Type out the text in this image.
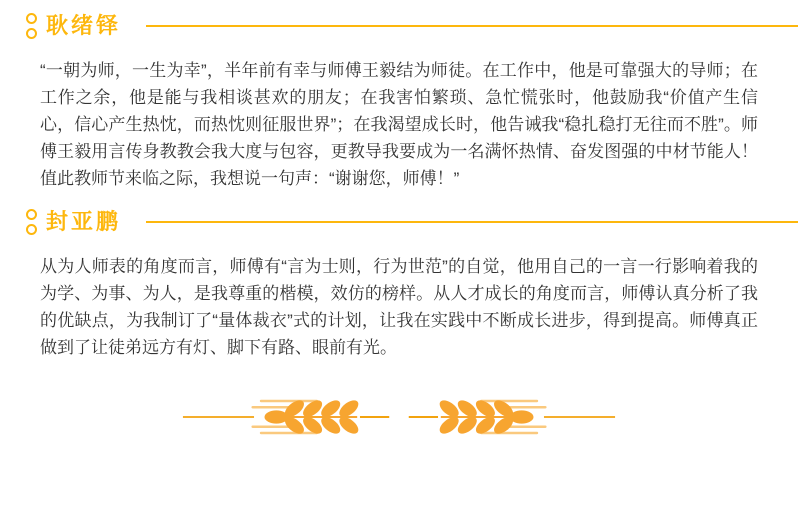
耿绪铎

“一朝为师，一生为幸”，半年前有幸与师傅王毅结为师徒。在工作中，他是可靠强大的导师；在工作之余，他是能与我相谈甚欢的朋友；在我害怕繁琐、急忙慌张时，他鼓励我“价值产生信心，信心产生热忱，而热忱则征服世界”；在我渴望成长时，他告诫我“稳扎稳打无往而不胜”。师傅王毅用言传身教教会我大度与包容，更教导我要成为一名满怀热情、奋发图强的中材节能人！值此教师节来临之际，我想说一句声：“谢谢您，师傅！”

封亚鹏

从为人师表的角度而言，师傅有“言为士则，行为世范”的自觉，他用自己的一言一行影响着我的为学、为事、为人，是我尊重的楷模，效仿的榜样。从人才成长的角度而言，师傅认真分析了我的优缺点，为我制订了“量体裁衣”式的计划，让我在实践中不断成长进步，得到提高。师傅真正做到了让徒弟远方有灯、脚下有路、眼前有光。
